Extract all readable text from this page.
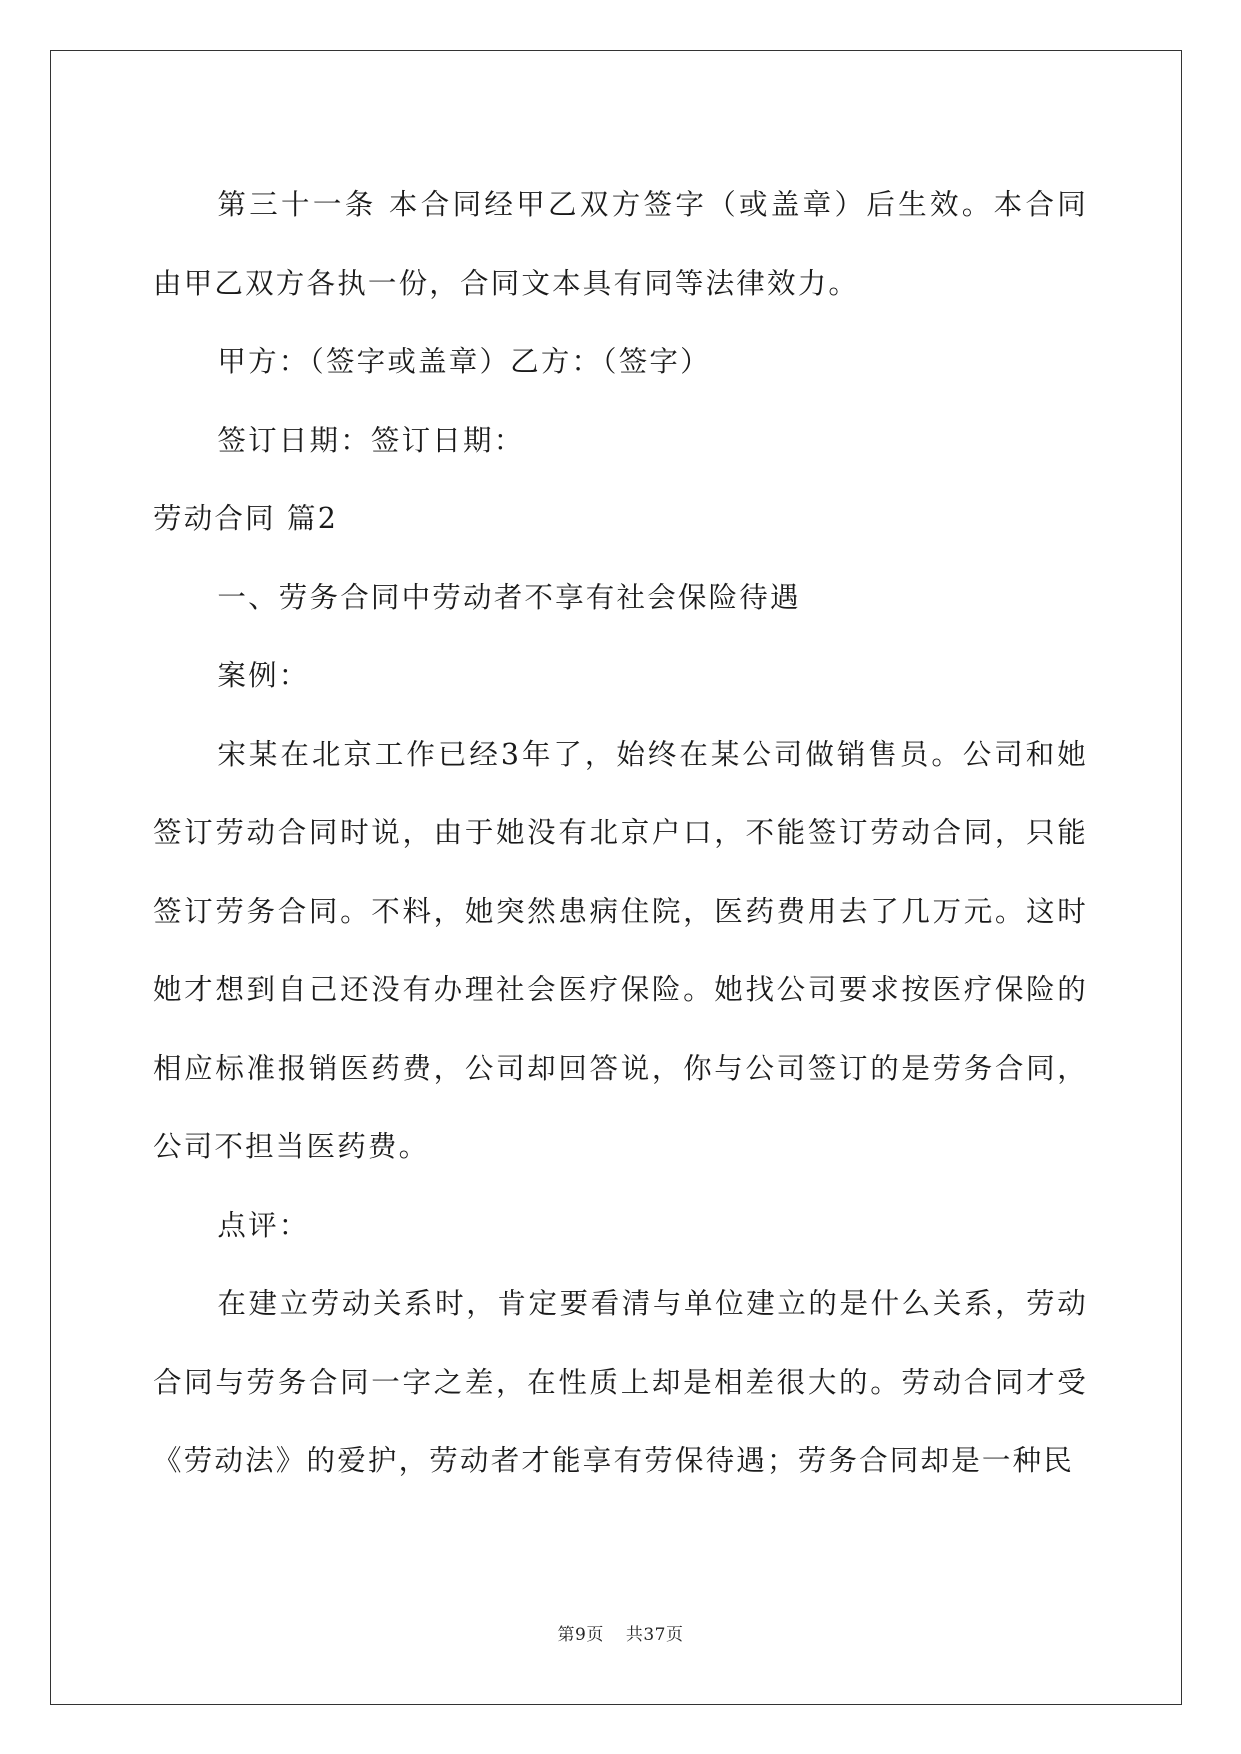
第三十一条 本合同经甲乙双方签字（或盖章）后生效。本合同由甲乙双方各执一份，合同文本具有同等法律效力。

甲方：（签字或盖章）乙方：（签字）

签订日期：签订日期：

劳动合同 篇2

一、劳务合同中劳动者不享有社会保险待遇

案例：

宋某在北京工作已经3年了，始终在某公司做销售员。公司和她签订劳动合同时说，由于她没有北京户口，不能签订劳动合同，只能签订劳务合同。不料，她突然患病住院，医药费用去了几万元。这时她才想到自己还没有办理社会医疗保险。她找公司要求按医疗保险的相应标准报销医药费，公司却回答说，你与公司签订的是劳务合同，公司不担当医药费。

点评：

在建立劳动关系时，肯定要看清与单位建立的是什么关系，劳动合同与劳务合同一字之差，在性质上却是相差很大的。劳动合同才受《劳动法》的爱护，劳动者才能享有劳保待遇；劳务合同却是一种民

第9页 共37页
